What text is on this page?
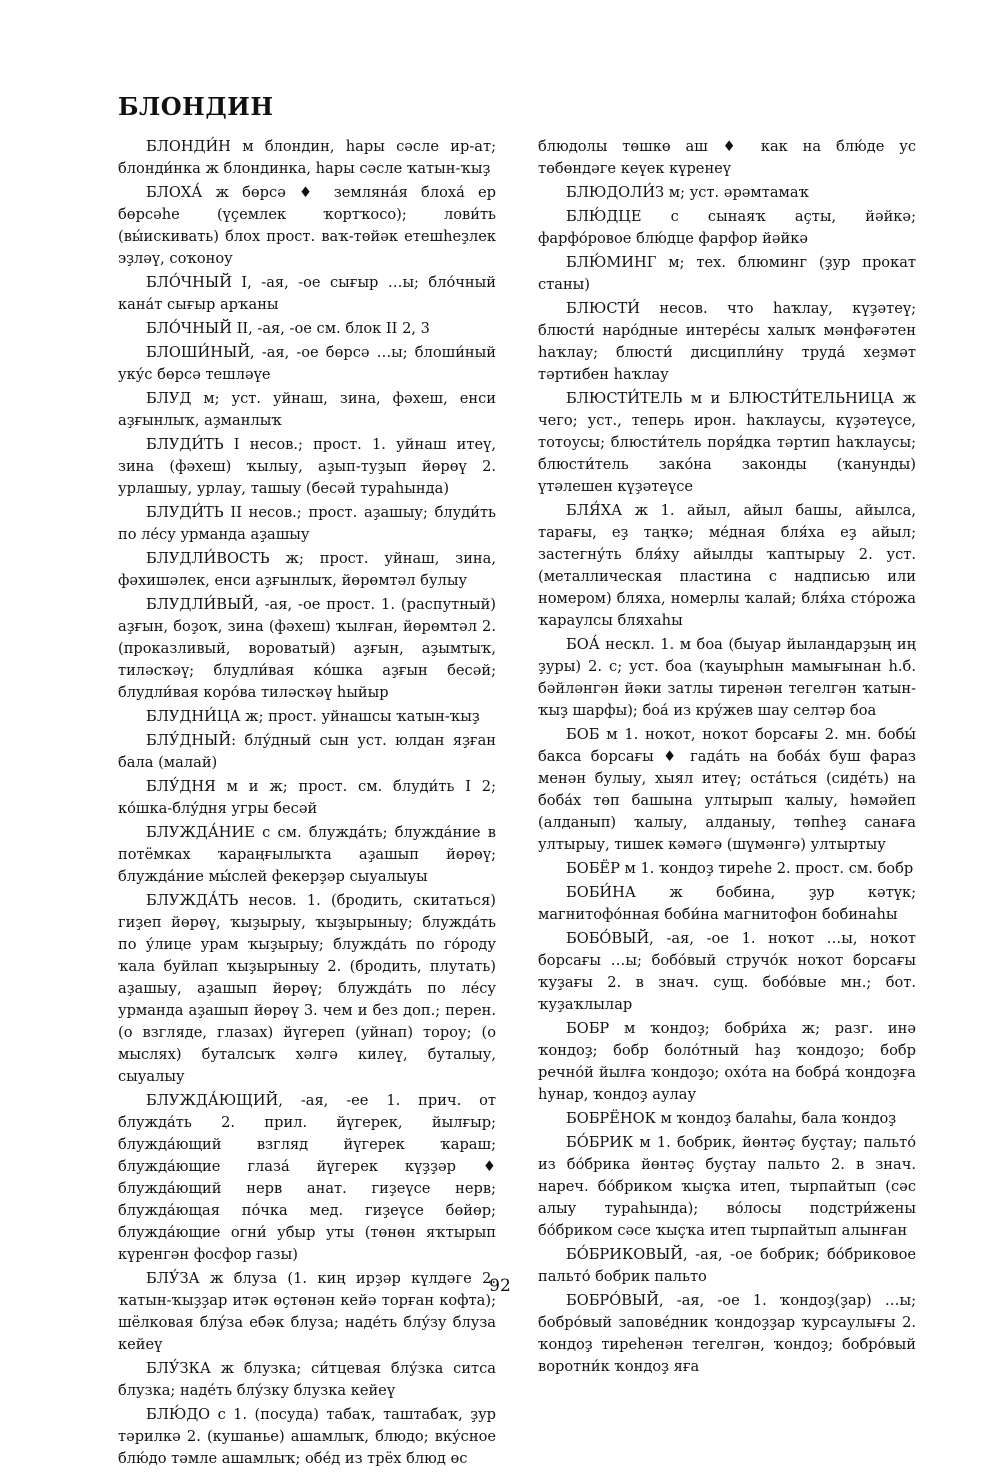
БЛОНДИН

БЛОНДИ́Н м блондин, һары сәсле ир-ат; блонди́нка ж блондинка, һары сәсле ҡатын-ҡыҙ

БЛОХА́ ж бөрсә ♦ земляна́я блоха́ ер бөрсәһе (үҫемлек ҡортҡосо); лови́ть (вы́искивать) блох прост. ваҡ-төйәк етешһеҙлек эҙләү, соҡоноу

БЛО́ЧНЫЙ I, -ая, -ое сығыр …ы; бло́чный кана́т сығыр арҡаны

БЛО́ЧНЫЙ II, -ая, -ое см. блок II 2, 3

БЛОШИ́НЫЙ, -ая, -ое бөрсә …ы; блоши́ный уку́с бөрсә тешләүе

БЛУД м; уст. уйнаш, зина, фәхеш, енси аҙғынлыҡ, аҙманлыҡ

БЛУДИ́ТЬ I несов.; прост. 1. уйнаш итеү, зина (фәхеш) ҡылыу, аҙып-туҙып йөрөү 2. урлашыу, урлау, ташыу (бесәй тураһында)

БЛУДИ́ТЬ II несов.; прост. аҙашыу; блуди́ть по ле́су урманда аҙашыу

БЛУДЛИ́ВОСТЬ ж; прост. уйнаш, зина, фәхишәлек, енси аҙғынлыҡ, йөрөмтәл булыу

БЛУДЛИ́ВЫЙ, -ая, -ое прост. 1. (распутный) аҙғын, боҙоҡ, зина (фәхеш) ҡылған, йөрөмтәл 2. (проказливый, вороватый) аҙғын, аҙымтыҡ, тиләсҡәү; блудли́вая ко́шка аҙғын бесәй; блудли́вая коро́ва тиләсҡәү һыйыр

БЛУДНИ́ЦА ж; прост. уйнашсы ҡатын-ҡыҙ

БЛУ́ДНЫЙ: блу́дный сын уст. юлдан яҙған бала (малай)

БЛУ́ДНЯ м и ж; прост. см. блуди́ть I 2; ко́шка-блу́дня угры бесәй

БЛУЖДА́НИЕ с см. блужда́ть; блужда́ние в потёмках ҡараңғылыҡта аҙашып йөрөү; блужда́ние мы́слей фекерҙәр сыуалыуы

БЛУЖДА́ТЬ несов. 1. (бродить, скитаться) гиҙеп йөрөү, ҡыҙырыу, ҡыҙырыныу; блужда́ть по у́лице урам ҡыҙырыу; блужда́ть по го́роду ҡала буйлап ҡыҙырыныу 2. (бродить, плутать) аҙашыу, аҙашып йөрөү; блужда́ть по ле́су урманда аҙашып йөрөү 3. чем и без доп.; перен. (о взгляде, глазах) йүгереп (уйнап) тороу; (о мыслях) буталсыҡ хәлгә килеү, буталыу, сыуалыу

БЛУЖДА́ЮЩИЙ, -ая, -ее 1. прич. от блужда́ть 2. прил. йүгерек, йылғыр; блужда́ющий взгляд йүгерек ҡараш; блужда́ющие глаза́ йүгерек күҙҙәр ♦ блужда́ющий нерв анат. гиҙеүсе нерв; блужда́ющая по́чка мед. гиҙеүсе бөйөр; блужда́ющие огни́ убыр уты (төнөн яҡтырып күренгән фосфор газы)

БЛУ́ЗА ж блуза (1. киң ирҙәр күлдәге 2. ҡатын-ҡыҙҙар итәк өҫтөнән кейә торған кофта); шёлковая блу́за ебәк блуза; наде́ть блу́зу блуза кейеү

БЛУ́ЗКА ж блузка; си́тцевая блу́зка ситса блузка; наде́ть блу́зку блузка кейеү

БЛЮ́ДО с 1. (посуда) табаҡ, таштабаҡ, ҙур тәрилкә 2. (кушанье) ашамлыҡ, блюдо; вку́сное блю́до тәмле ашамлыҡ; обе́д из трёх блюд өс

блюдолы төшкө аш ♦ как на блю́де ус төбөндәге кеүек күренеү

БЛЮДОЛИ́З м; уст. әрәмтамаҡ

БЛЮ́ДЦЕ с сынаяҡ аҫты, йәйкә; фарфо́ровое блю́дце фарфор йәйкә

БЛЮ́МИНГ м; тех. блюминг (ҙур прокат станы)

БЛЮСТИ́ несов. что һаҡлау, күҙәтеү; блюсти́ наро́дные интере́сы халыҡ мәнфәғәтен һаҡлау; блюсти́ дисципли́ну труда́ хеҙмәт тәртибен һаҡлау

БЛЮСТИ́ТЕЛЬ м и БЛЮСТИ́ТЕЛЬНИЦА ж чего; уст., теперь ирон. һаҡлаусы, күҙәтеүсе, тотоусы; блюсти́тель поря́дка тәртип һаҡлаусы; блюсти́тель зако́на законды (ҡанунды) үтәлешен күҙәтеүсе

БЛЯ́ХА ж 1. айыл, айыл башы, айылса, тарағы, еҙ таңҡә; ме́дная бля́ха еҙ айыл; застегну́ть бля́ху айылды ҡаптырыу 2. уст. (металлическая пластина с надписью или номером) бляха, номерлы ҡалай; бля́ха сто́рожа ҡараулсы бляхаһы

БОА́ нескл. 1. м боа (быуар йыландарҙың иң ҙуры) 2. с; уст. боа (ҡауырһын мамығынан һ.б. бәйләнгән йәки затлы тиренән тегелгән ҡатын-ҡыҙ шарфы); боа́ из кру́жев шау селтәр боа

БОБ м 1. ноҡот, ноҡот борсағы 2. мн. бобы́ бакса борсағы ♦ гада́ть на боба́х буш фараз менән булыу, хыял итеү; оста́ться (сиде́ть) на боба́х төп башына ултырып ҡалыу, һәмәйеп (алданып) ҡалыу, алданыу, төпһеҙ санаға ултырыу, тишек кәмәгә (шүмәнгә) ултыртыу

БОБЁР м 1. ҡондоҙ тиреһе 2. прост. см. бобр

БОБИ́НА ж бобина, ҙур кәтүк; магнитофо́нная боби́на магнитофон бобинаһы

БОБО́ВЫЙ, -ая, -ое 1. ноҡот …ы, ноҡот борсағы …ы; бобо́вый стручо́к ноҡот борсағы ҡуҙағы 2. в знач. сущ. бобо́вые мн.; бот. ҡуҙаҡлылар

БОБР м ҡондоҙ; бобри́ха ж; разг. инә ҡондоҙ; бобр боло́тный һаҙ ҡондоҙо; бобр речно́й йылға ҡондоҙо; охо́та на бобра́ ҡондоҙға һунар, ҡондоҙ аулау

БОБРЁНОК м ҡондоҙ балаһы, бала ҡондоҙ

БО́БРИК м 1. бобрик, йөнтәҫ буҫтау; пальто́ из бо́брика йөнтәҫ буҫтау пальто 2. в знач. нареч. бо́бриком ҡыҫҡа итеп, тырпайтып (сәс алыу тураһында); во́лосы подстри́жены бо́бриком сәсе ҡыҫҡа итеп тырпайтып алынған

БО́БРИКОВЫЙ, -ая, -ое бобрик; бо́бриковое пальто́ бобрик пальто

БОБРО́ВЫЙ, -ая, -ое 1. ҡондоҙ(ҙар) …ы; бобро́вый запове́дник ҡондоҙҙар ҡурсаулығы 2. ҡондоҙ тиреһенән тегелгән, ҡондоҙ; бобро́вый воротни́к ҡондоҙ яға

92
